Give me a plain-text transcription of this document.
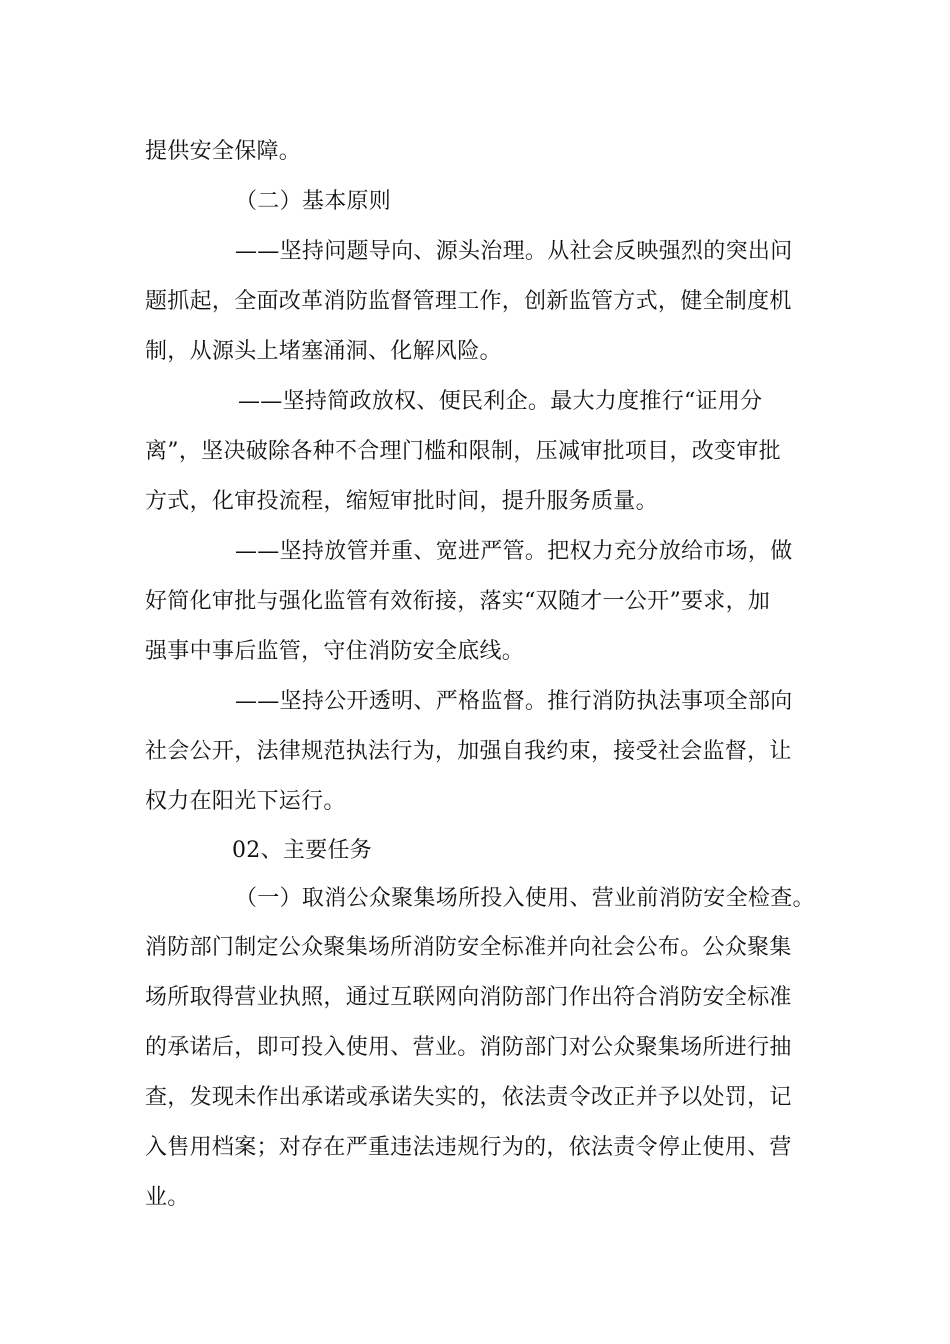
提供安全保障。
（二）基本原则
——坚持问题导向、源头治理。从社会反映强烈的突出问
题抓起，全面改革消防监督管理工作，创新监管方式，健全制度机
制，从源头上堵塞涌洞、化解风险。
——坚持简政放权、便民利企。最大力度推行“证用分
离”，坚决破除各种不合理门槛和限制，压减审批项目，改变审批
方式，化审投流程，缩短审批时间，提升服务质量。
——坚持放管并重、宽进严管。把权力充分放给市场，做
好简化审批与强化监管有效衔接，落实“双随才一公开”要求，加
强事中事后监管，守住消防安全底线。
——坚持公开透明、严格监督。推行消防执法事项全部向
社会公开，法律规范执法行为，加强自我约束，接受社会监督，让
权力在阳光下运行。
02、主要任务
（一）取消公众聚集场所投入使用、营业前消防安全检查。
消防部门制定公众聚集场所消防安全标准并向社会公布。公众聚集
场所取得营业执照，通过互联网向消防部门作出符合消防安全标准
的承诺后，即可投入使用、营业。消防部门对公众聚集场所进行抽
查，发现未作出承诺或承诺失实的，依法责令改正并予以处罚，记
入售用档案；对存在严重违法违规行为的，依法责令停止使用、营
业。
